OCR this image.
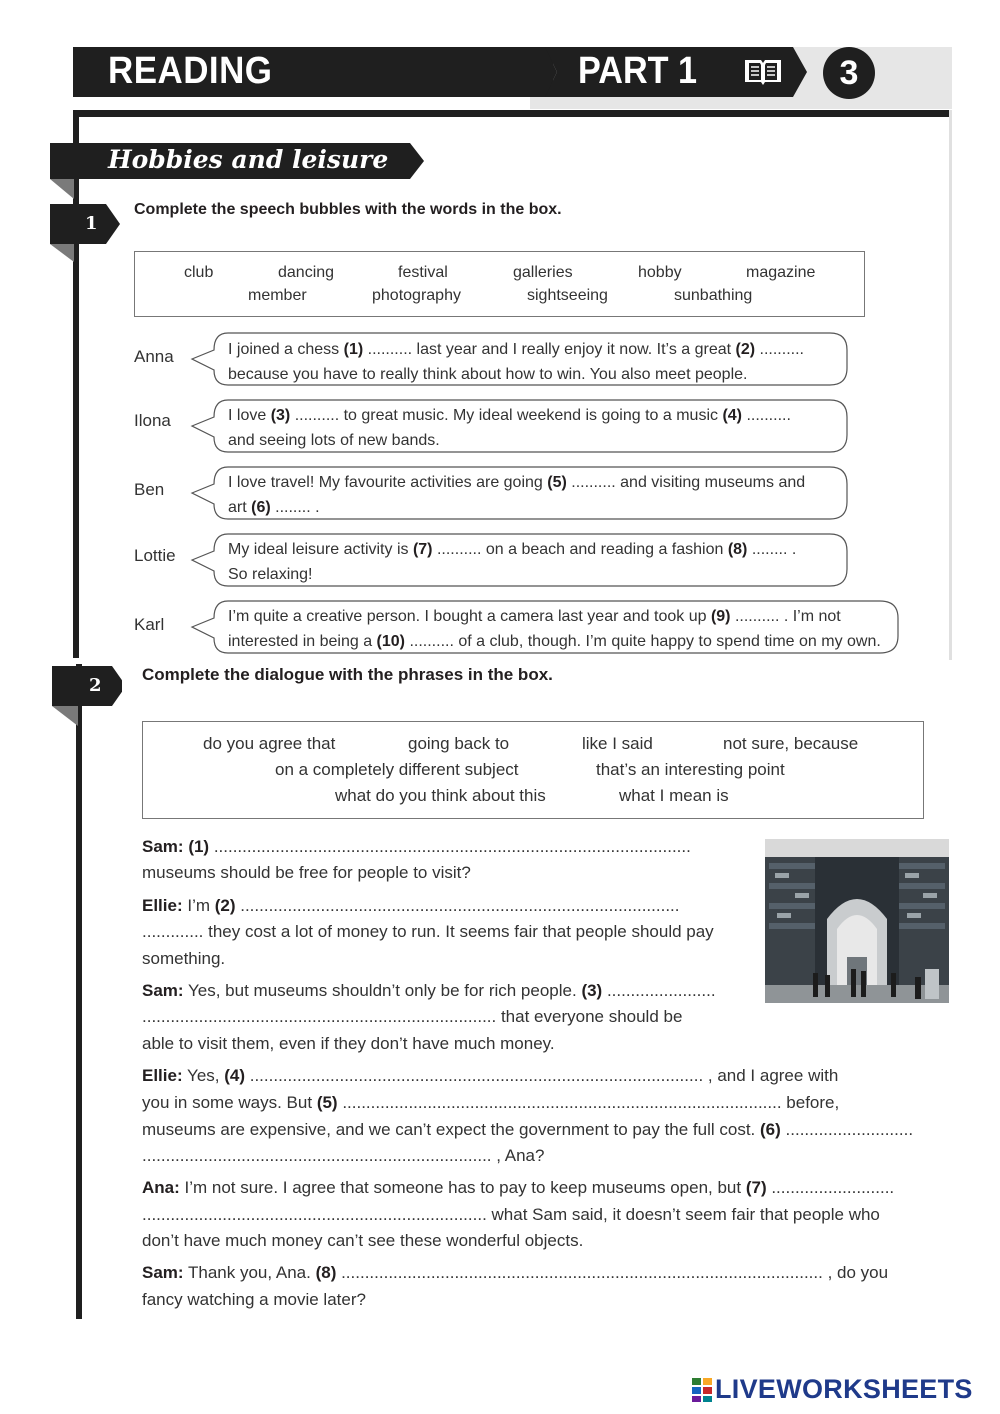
READING	PART 1	3
Hobbies and leisure
1
Complete the speech bubbles with the words in the box.
club	dancing	festival	galleries	hobby	magazine
member	photography	sightseeing	sunbathing
Anna	I joined a chess (1) .......... last year and I really enjoy it now. It’s a great (2) ..........
because you have to really think about how to win. You also meet people.
Ilona	I love (3) .......... to great music. My ideal weekend is going to a music (4) ..........
and seeing lots of new bands.
Ben	I love travel! My favourite activities are going (5) .......... and visiting museums and
art (6) ........ .
Lottie	My ideal leisure activity is (7) .......... on a beach and reading a fashion (8) ........ .
So relaxing!
Karl	I’m quite a creative person. I bought a camera last year and took up (9) .......... . I’m not
interested in being a (10) .......... of a club, though. I’m quite happy to spend time on my own.
2
Complete the dialogue with the phrases in the box.
do you agree that	going back to	like I said	not sure, because
on a completely different subject	that’s an interesting point
what do you think about this	what I mean is
Sam: (1) .....................................................................................................
museums should be free for people to visit?
Ellie: I’m (2) .............................................................................................
............. they cost a lot of money to run. It seems fair that people should pay
something.
Sam: Yes, but museums shouldn’t only be for rich people. (3) .......................
........................................................................... that everyone should be
able to visit them, even if they don’t have much money.
Ellie: Yes, (4) ................................................................................................ , and I agree with
you in some ways. But (5) ............................................................................................. before,
museums are expensive, and we can’t expect the government to pay the full cost. (6) ...........................
.......................................................................... , Ana?
Ana: I’m not sure. I agree that someone has to pay to keep museums open, but (7) ..........................
......................................................................... what Sam said, it doesn’t seem fair that people who
don’t have much money can’t see these wonderful objects.
Sam: Thank you, Ana. (8) ...................................................................................................... , do you
fancy watching a movie later?
LIVEWORKSHEETS
